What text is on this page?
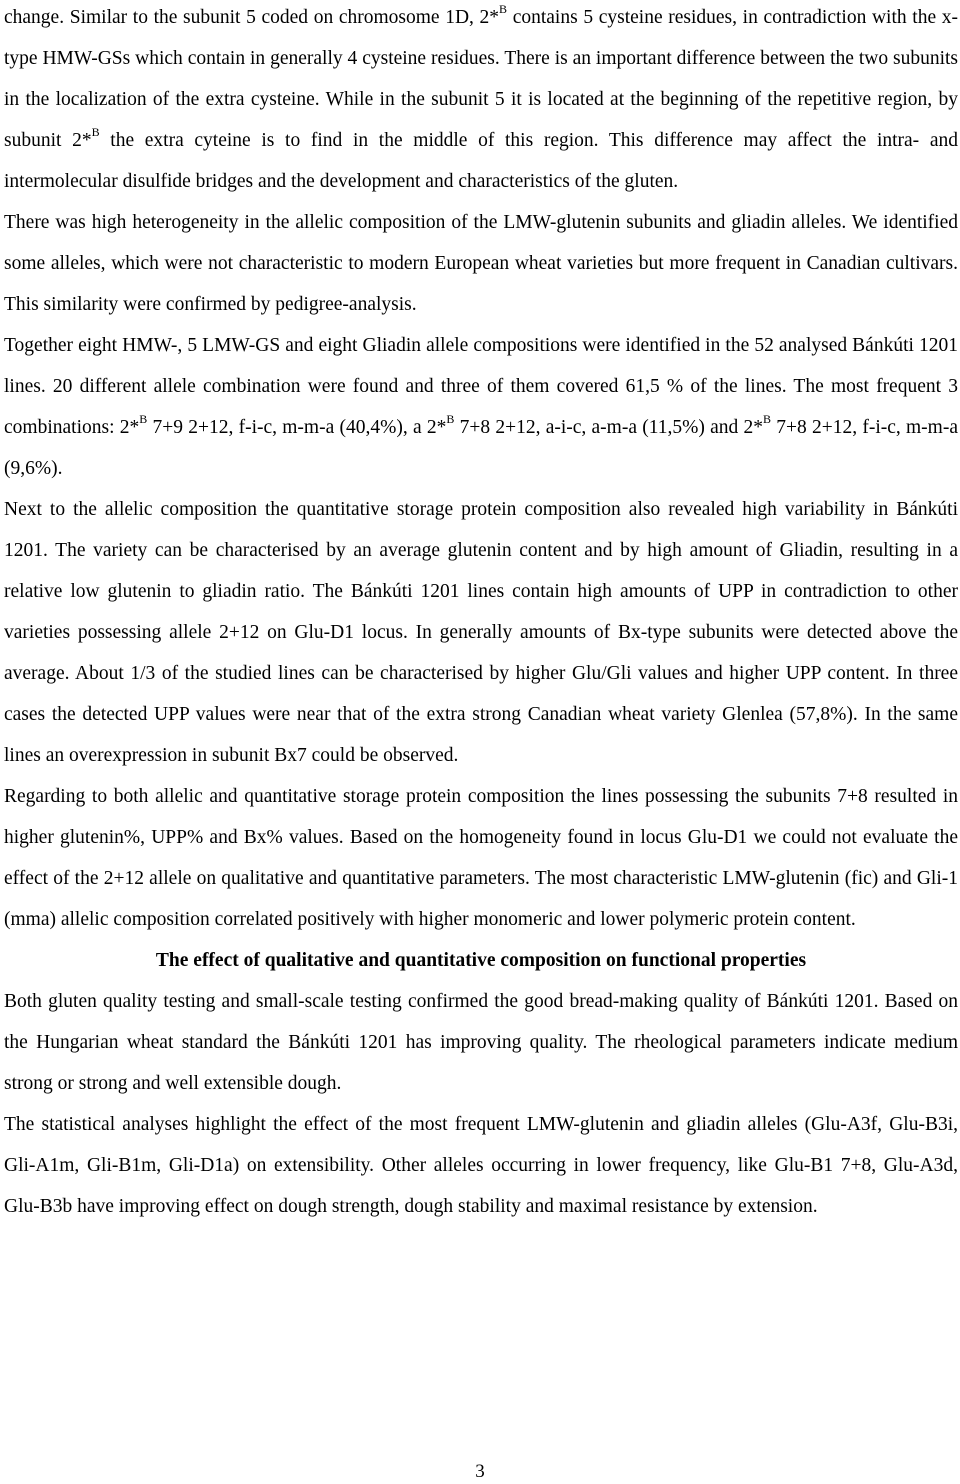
change. Similar to the subunit 5 coded on chromosome 1D, 2*$^B$ contains 5 cysteine residues, in contradiction with the x-type HMW-GSs which contain in generally 4 cysteine residues. There is an important difference between the two subunits in the localization of the extra cysteine. While in the subunit 5 it is located at the beginning of the repetitive region, by subunit 2*$^B$ the extra cyteine is to find in the middle of this region. This difference may affect the intra- and intermolecular disulfide bridges and the development and characteristics of the gluten.

There was high heterogeneity in the allelic composition of the LMW-glutenin subunits and gliadin alleles. We identified some alleles, which were not characteristic to modern European wheat varieties but more frequent in Canadian cultivars. This similarity were confirmed by pedigree-analysis.

Together eight HMW-, 5 LMW-GS and eight Gliadin allele compositions were identified in the 52 analysed Bánkúti 1201 lines. 20 different allele combination were found and three of them covered 61,5 % of the lines. The most frequent 3 combinations: 2*$^B$ 7+9 2+12, f-i-c, m-m-a (40,4%), a 2*$^B$ 7+8 2+12, a-i-c, a-m-a (11,5%) and 2*$^B$ 7+8 2+12, f-i-c, m-m-a (9,6%).

Next to the allelic composition the quantitative storage protein composition also revealed high variability in Bánkúti 1201. The variety can be characterised by an average glutenin content and by high amount of Gliadin, resulting in a relative low glutenin to gliadin ratio. The Bánkúti 1201 lines contain high amounts of UPP in contradiction to other varieties possessing allele 2+12 on Glu-D1 locus. In generally amounts of Bx-type subunits were detected above the average. About 1/3 of the studied lines can be characterised by higher Glu/Gli values and higher UPP content. In three cases the detected UPP values were near that of the extra strong Canadian wheat variety Glenlea (57,8%). In the same lines an overexpression in subunit Bx7 could be observed.

Regarding to both allelic and quantitative storage protein composition the lines possessing the subunits 7+8 resulted in higher glutenin%, UPP% and Bx% values. Based on the homogeneity found in locus Glu-D1 we could not evaluate the effect of the 2+12 allele on qualitative and quantitative parameters. The most characteristic LMW-glutenin (fic) and Gli-1 (mma) allelic composition correlated positively with higher monomeric and lower polymeric protein content.

The effect of qualitative and quantitative composition on functional properties

Both gluten quality testing and small-scale testing confirmed the good bread-making quality of Bánkúti 1201. Based on the Hungarian wheat standard the Bánkúti 1201 has improving quality. The rheological parameters indicate medium strong or strong and well extensible dough.

The statistical analyses highlight the effect of the most frequent LMW-glutenin and gliadin alleles (Glu-A3f, Glu-B3i, Gli-A1m, Gli-B1m, Gli-D1a) on extensibility. Other alleles occurring in lower frequency, like Glu-B1 7+8, Glu-A3d, Glu-B3b have improving effect on dough strength, dough stability and maximal resistance by extension.

3
